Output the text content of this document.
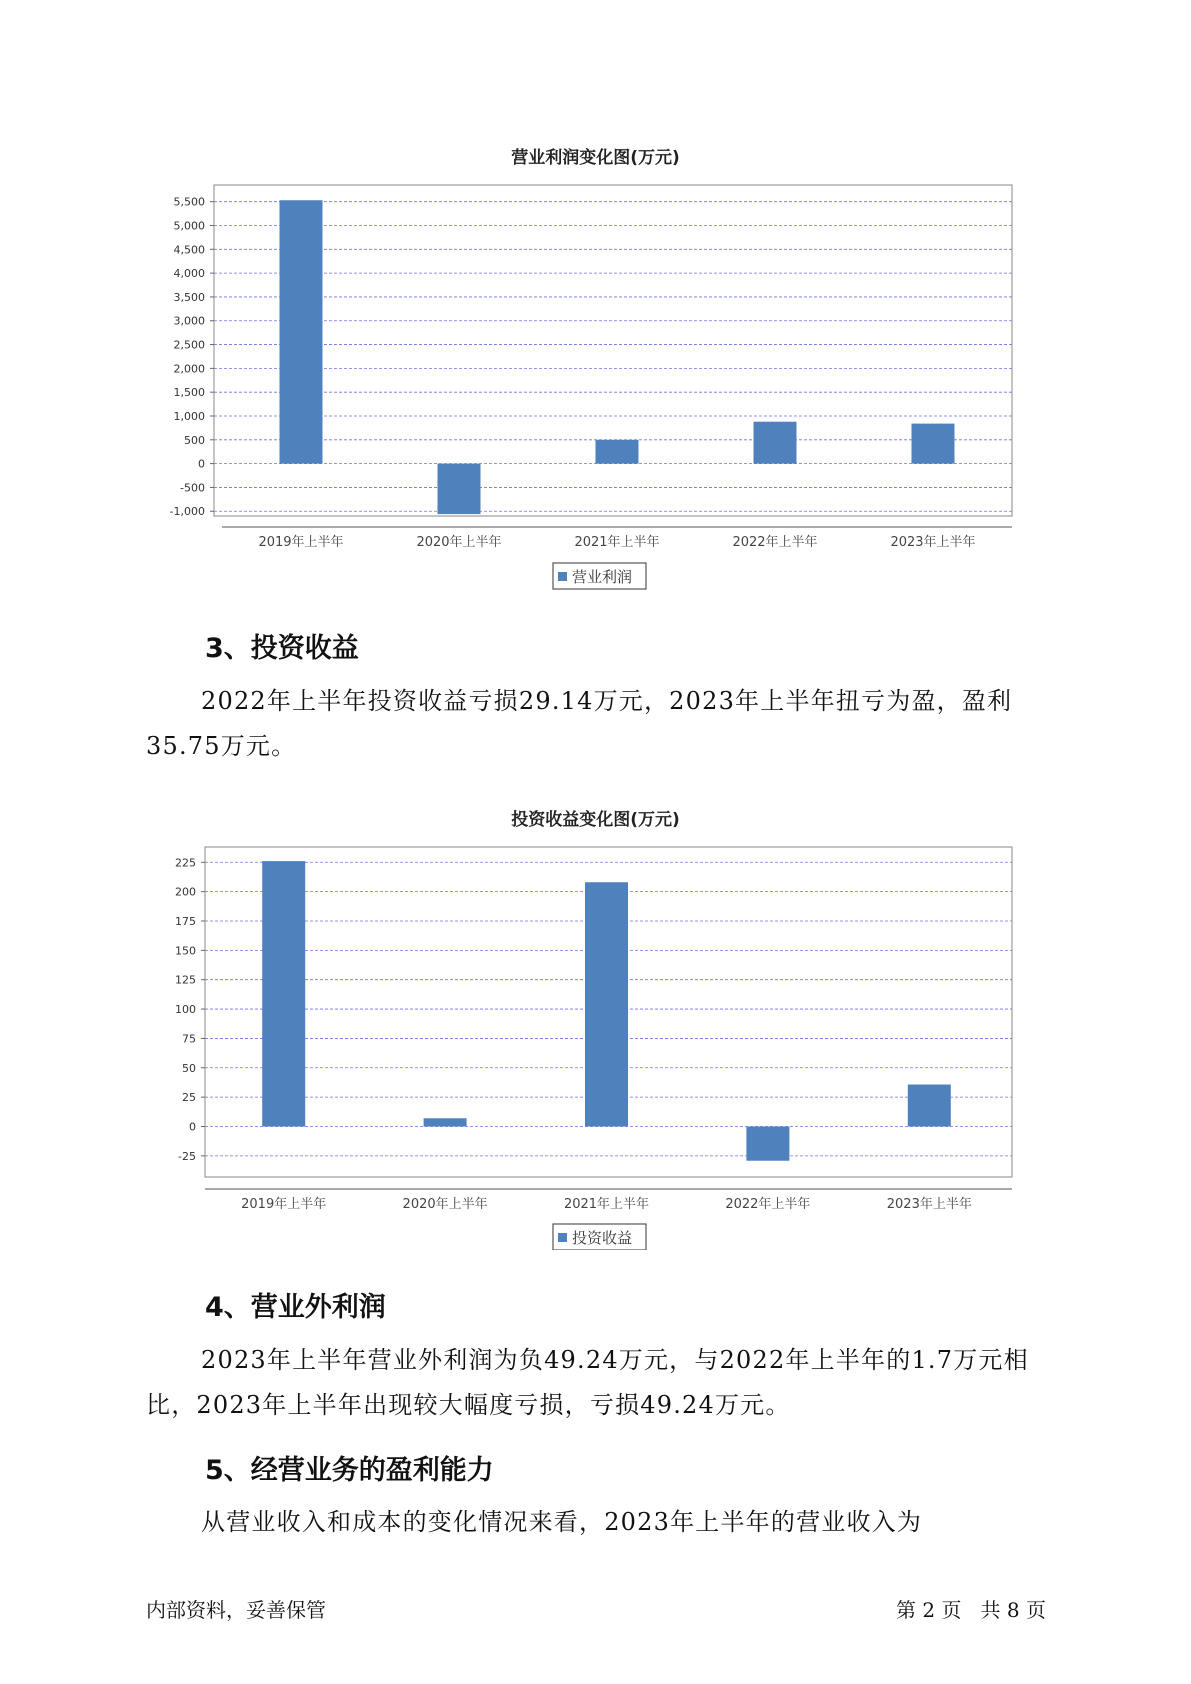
营业利润变化图(万元)
-1,000
-500
0
500
1,000
1,500
2,000
2,500
3,000
3,500
4,000
4,500
5,000
5,500
2019年上半年	2020年上半年	2021年上半年	2022年上半年	2023年上半年
营业利润
3、投资收益

2022年上半年投资收益亏损29.14万元，2023年上半年扭亏为盈，盈利35.75万元。

投资收益变化图(万元)
-25
0
25
50
75
100
125
150
175
200
225
2019年上半年	2020年上半年	2021年上半年	2022年上半年	2023年上半年
投资收益
4、营业外利润

2023年上半年营业外利润为负49.24万元，与2022年上半年的1.7万元相比，2023年上半年出现较大幅度亏损，亏损49.24万元。

5、经营业务的盈利能力

从营业收入和成本的变化情况来看，2023年上半年的营业收入为

内部资料，妥善保管	第 2 页   共 8 页
